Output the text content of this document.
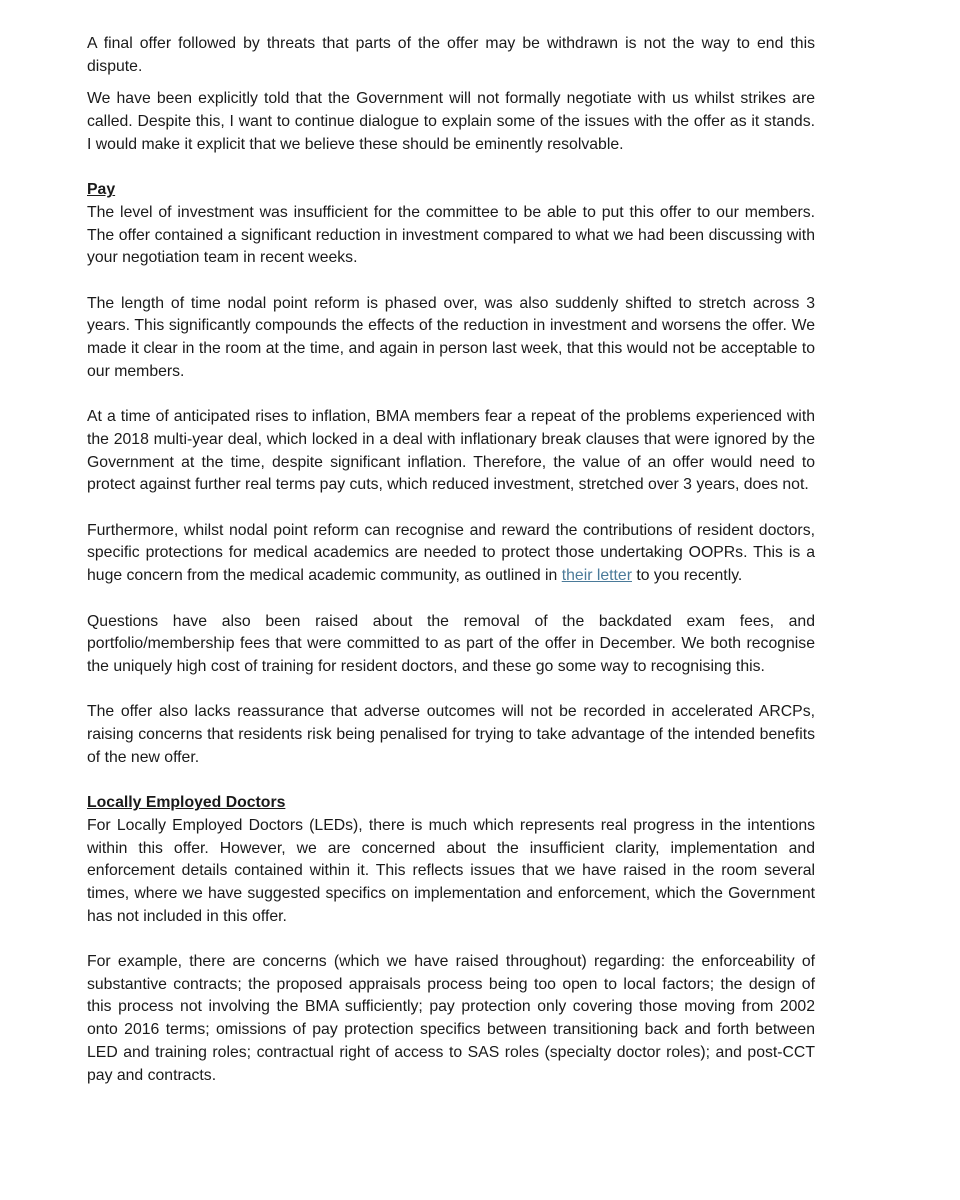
A final offer followed by threats that parts of the offer may be withdrawn is not the way to end this dispute.

We have been explicitly told that the Government will not formally negotiate with us whilst strikes are called. Despite this, I want to continue dialogue to explain some of the issues with the offer as it stands. I would make it explicit that we believe these should be eminently resolvable.

Pay

The level of investment was insufficient for the committee to be able to put this offer to our members. The offer contained a significant reduction in investment compared to what we had been discussing with your negotiation team in recent weeks.

The length of time nodal point reform is phased over, was also suddenly shifted to stretch across 3 years. This significantly compounds the effects of the reduction in investment and worsens the offer. We made it clear in the room at the time, and again in person last week, that this would not be acceptable to our members.

At a time of anticipated rises to inflation, BMA members fear a repeat of the problems experienced with the 2018 multi-year deal, which locked in a deal with inflationary break clauses that were ignored by the Government at the time, despite significant inflation. Therefore, the value of an offer would need to protect against further real terms pay cuts, which reduced investment, stretched over 3 years, does not.

Furthermore, whilst nodal point reform can recognise and reward the contributions of resident doctors, specific protections for medical academics are needed to protect those undertaking OOPRs. This is a huge concern from the medical academic community, as outlined in their letter to you recently.

Questions have also been raised about the removal of the backdated exam fees, and portfolio/membership fees that were committed to as part of the offer in December. We both recognise the uniquely high cost of training for resident doctors, and these go some way to recognising this.

The offer also lacks reassurance that adverse outcomes will not be recorded in accelerated ARCPs, raising concerns that residents risk being penalised for trying to take advantage of the intended benefits of the new offer.

Locally Employed Doctors

For Locally Employed Doctors (LEDs), there is much which represents real progress in the intentions within this offer. However, we are concerned about the insufficient clarity, implementation and enforcement details contained within it. This reflects issues that we have raised in the room several times, where we have suggested specifics on implementation and enforcement, which the Government has not included in this offer.

For example, there are concerns (which we have raised throughout) regarding: the enforceability of substantive contracts; the proposed appraisals process being too open to local factors; the design of this process not involving the BMA sufficiently; pay protection only covering those moving from 2002 onto 2016 terms; omissions of pay protection specifics between transitioning back and forth between LED and training roles; contractual right of access to SAS roles (specialty doctor roles); and post-CCT pay and contracts.
